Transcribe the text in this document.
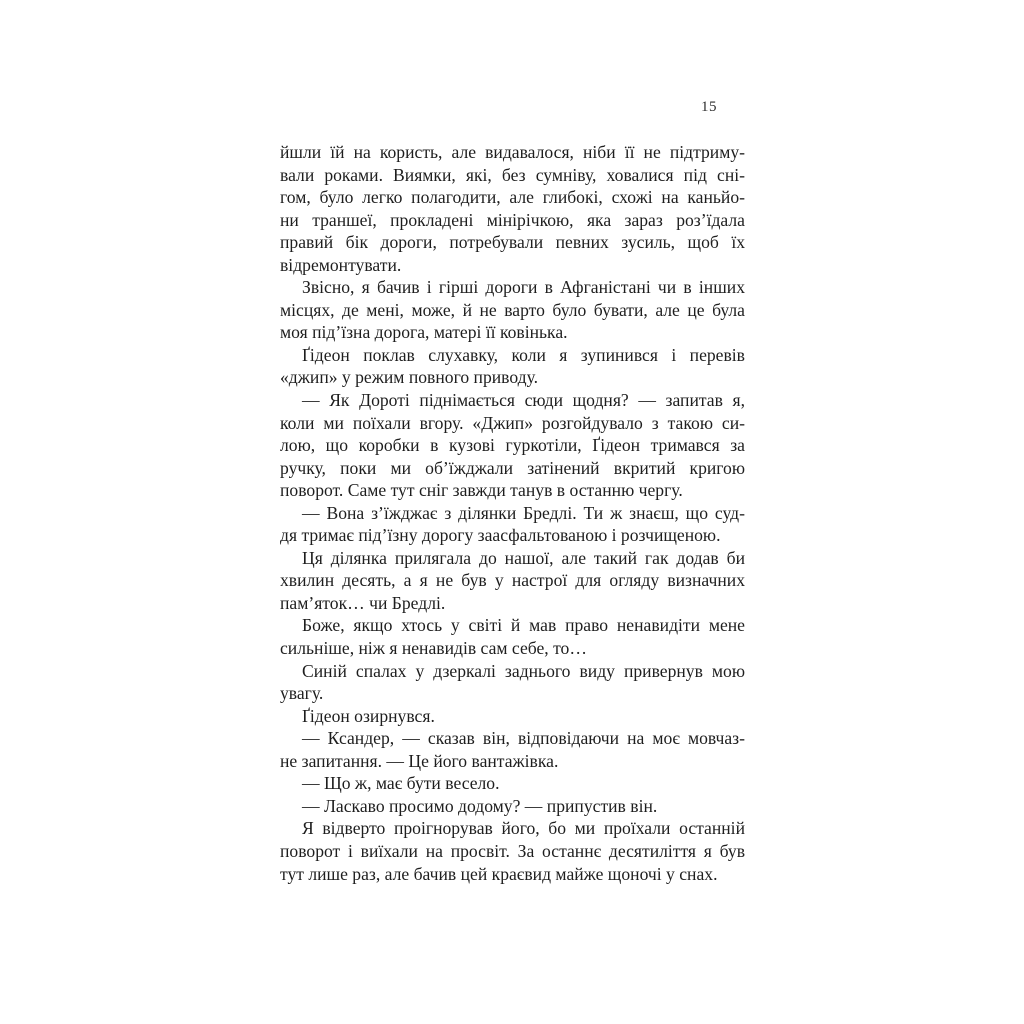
15
йшли їй на користь, але видавалося, ніби її не підтриму-
вали роками. Виямки, які, без сумніву, ховалися під сні-
гом, було легко полагодити, але глибокі, схожі на каньйо-
ни траншеї, прокладені мінірічкою, яка зараз роз’їдала
правий бік дороги, потребували певних зусиль, щоб їх
відремонтувати.
Звісно, я бачив і гірші дороги в Афганістані чи в інших
місцях, де мені, може, й не варто було бувати, але це була
моя під’їзна дорога, матері її ковінька.
Ґідеон поклав слухавку, коли я зупинився і перевів
«джип» у режим повного приводу.
— Як Дороті піднімається сюди щодня? — запитав я,
коли ми поїхали вгору. «Джип» розгойдувало з такою си-
лою, що коробки в кузові гуркотіли, Ґідеон тримався за
ручку, поки ми об’їжджали затінений вкритий кригою
поворот. Саме тут сніг завжди танув в останню чергу.
— Вона з’їжджає з ділянки Бредлі. Ти ж знаєш, що суд-
дя тримає під’їзну дорогу заасфальтованою і розчищеною.
Ця ділянка прилягала до нашої, але такий гак додав би
хвилин десять, а я не був у настрої для огляду визначних
пам’яток… чи Бредлі.
Боже, якщо хтось у світі й мав право ненавидіти мене
сильніше, ніж я ненавидів сам себе, то…
Синій спалах у дзеркалі заднього виду привернув мою
увагу.
Ґідеон озирнувся.
— Ксандер, — сказав він, відповідаючи на моє мовчаз-
не запитання. — Це його вантажівка.
— Що ж, має бути весело.
— Ласкаво просимо додому? — припустив він.
Я відверто проігнорував його, бо ми проїхали останній
поворот і виїхали на просвіт. За останнє десятиліття я був
тут лише раз, але бачив цей краєвид майже щоночі у снах.
